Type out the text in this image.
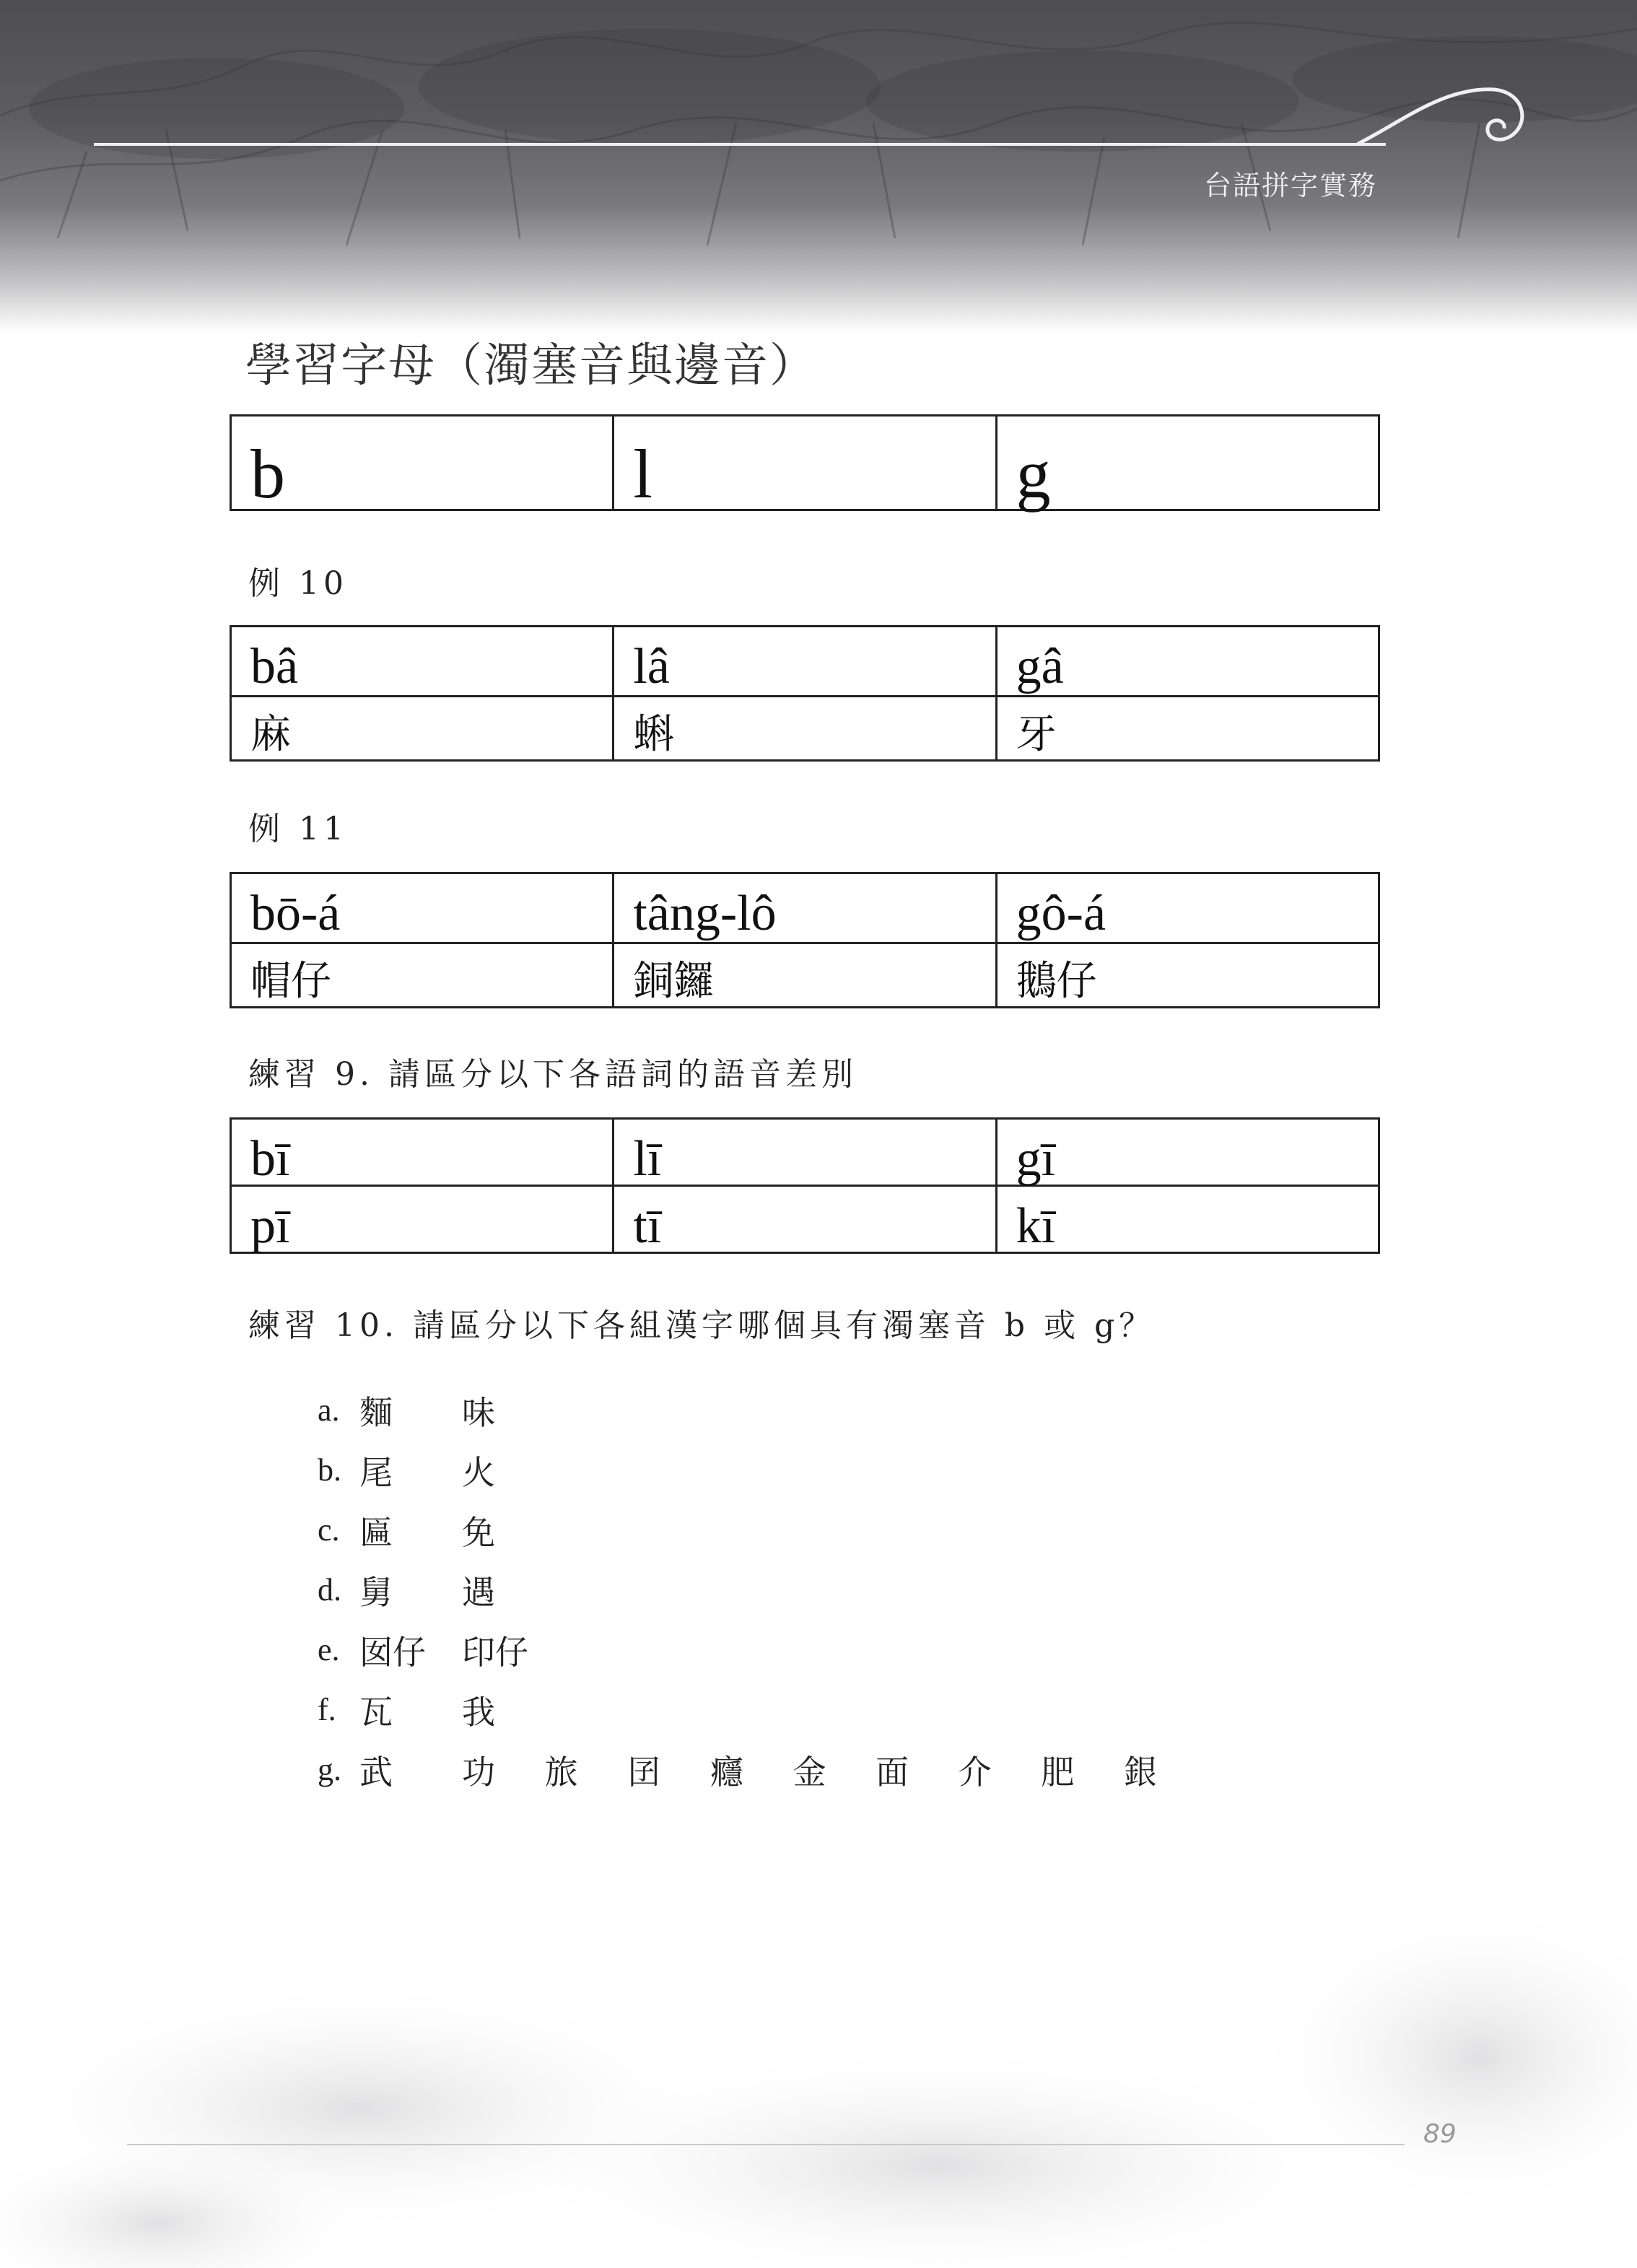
台語拼字實務
學習字母（濁塞音與邊音）
b	l	g
例 10
bâ	lâ	gâ
麻	蝌	牙
例 11
bō-á	tâng-lô	gô-á
帽仔	銅鑼	鵝仔
練習 9. 請區分以下各語詞的語音差別
bī	lī	gī
pī	tī	kī
練習 10. 請區分以下各組漢字哪個具有濁塞音 b 或 g？
a. 麵	味
b. 尾	火
c. 匾	免
d. 舅	遇
e. 囡仔	印仔
f. 瓦	我
g. 武	功 旅 囝 癮 金 面 介 肥 銀
89
